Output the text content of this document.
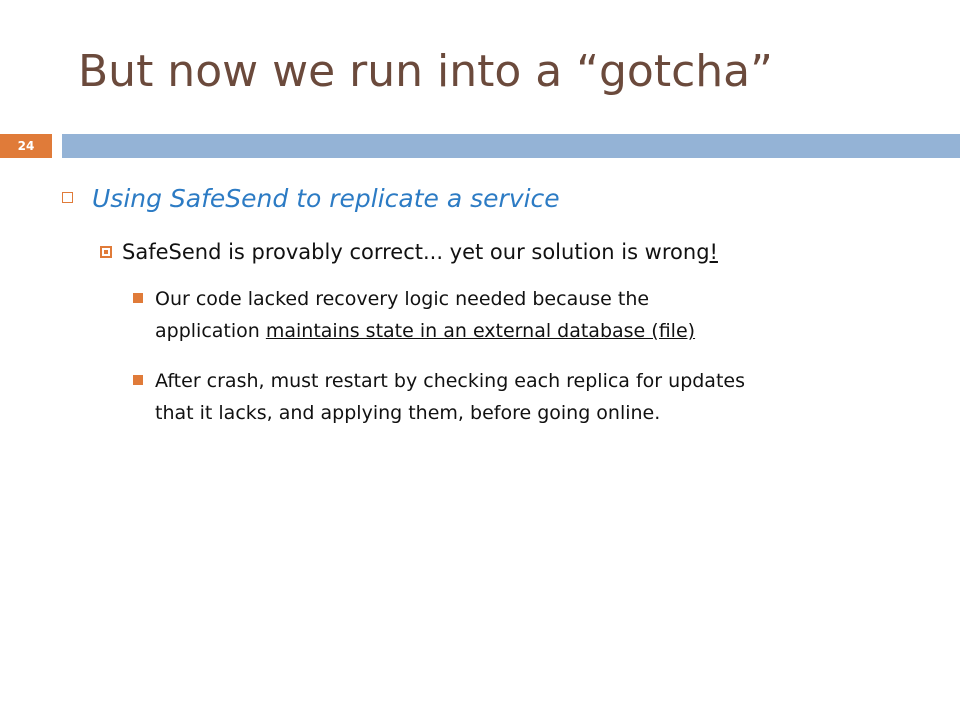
But now we run into a “gotcha”
24
Using SafeSend to replicate a service
SafeSend is provably correct... yet our solution is wrong!
Our code lacked recovery logic needed because the
application maintains state in an external database (file)
After crash, must restart by checking each replica for updates
that it lacks, and applying them, before going online.
